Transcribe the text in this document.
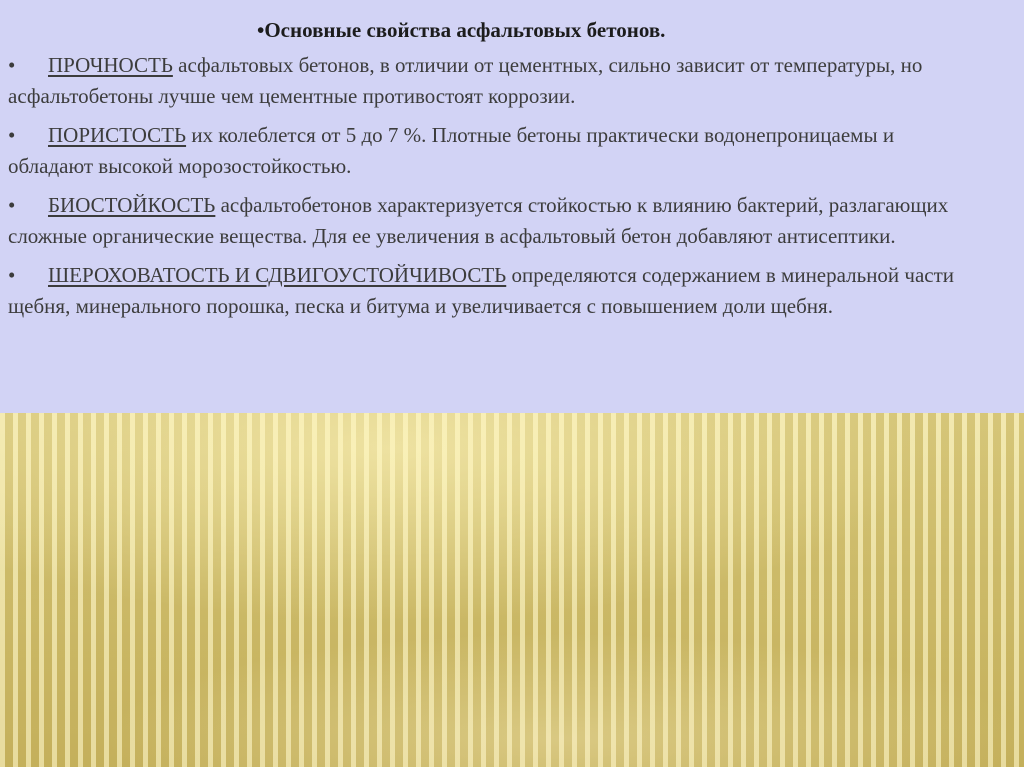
•Основные свойства асфальтовых бетонов.
• ПРОЧНОСТЬ асфальтовых бетонов, в отличии от цементных, сильно зависит от температуры, но асфальтобетоны лучше чем цементные противостоят коррозии.
• ПОРИСТОСТЬ их колеблется от 5 до 7 %. Плотные бетоны практически водонепроницаемы и обладают высокой морозостойкостью.
• БИОСТОЙКОСТЬ асфальтобетонов характеризуется стойкостью к влиянию бактерий, разлагающих сложные органические вещества. Для ее увеличения в асфальтовый бетон добавляют антисептики.
• ШЕРОХОВАТОСТЬ И СДВИГОУСТОЙЧИВОСТЬ определяются содержанием в минеральной части щебня, минерального порошка, песка и битума и увеличивается с повышением доли щебня.
